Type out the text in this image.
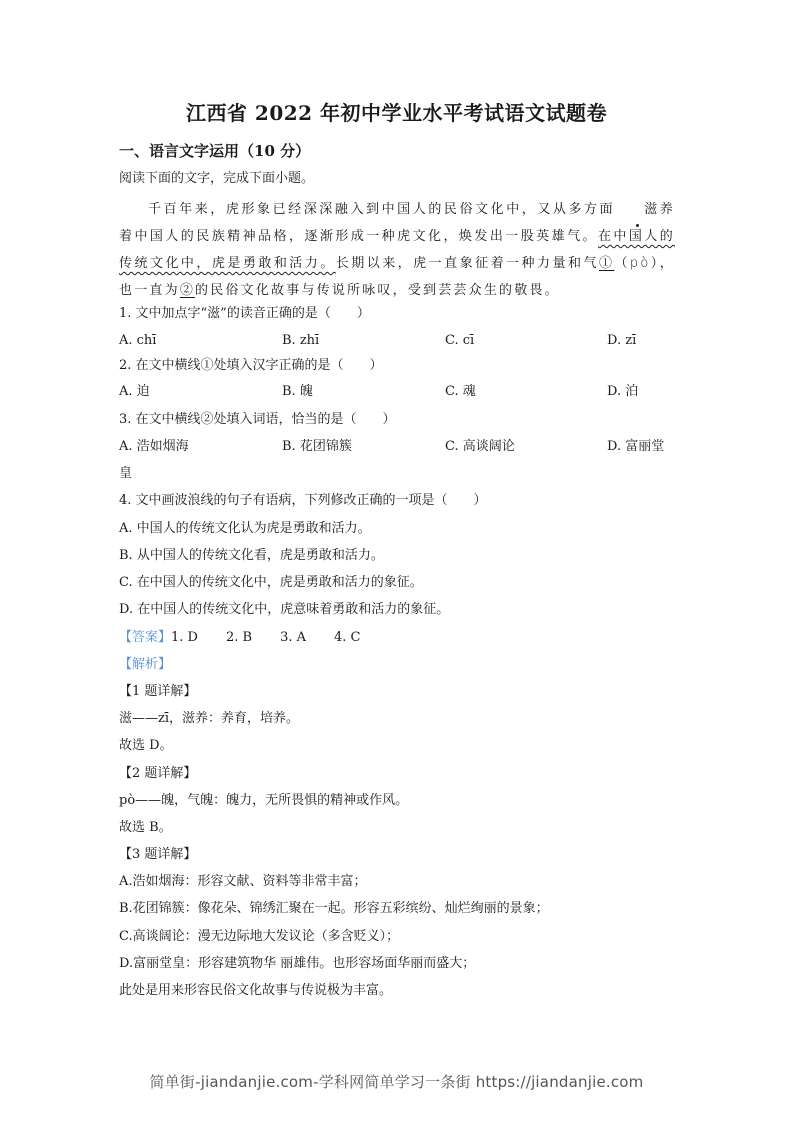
江西省 2022 年初中学业水平考试语文试题卷
一、语言文字运用（10 分）
阅读下面的文字，完成下面小题。
千百年来，虎形象已经深深融入到中国人的民俗文化中，又从多方面 滋养着中国人的民族精神品格，逐渐形成一种虎文化，焕发出一股英雄气。在中国人的传统文化中，虎是勇敢和活力。长期以来，虎一直象征着一种力量和气①（pò），也一直为②的民俗文化故事与传说所咏叹，受到芸芸众生的敬畏。
1. 文中加点字“滋”的读音正确的是（　　）
A. chī	B. zhī	C. cī	D. zī
2. 在文中横线①处填入汉字正确的是（　　）
A. 迫	B. 魄	C. 魂	D. 泊
3. 在文中横线②处填入词语，恰当的是（　　）
A. 浩如烟海	B. 花团锦簇	C. 高谈阔论	D. 富丽堂
皇
4. 文中画波浪线的句子有语病，下列修改正确的一项是（　　）
A. 中国人的传统文化认为虎是勇敢和活力。
B. 从中国人的传统文化看，虎是勇敢和活力。
C. 在中国人的传统文化中，虎是勇敢和活力的象征。
D. 在中国人的传统文化中，虎意味着勇敢和活力的象征。
【答案】1. D 2. B 3. A 4. C
【解析】
【1 题详解】
滋——zī，滋养：养育，培养。
故选 D。
【2 题详解】
pò——魄，气魄：魄力，无所畏惧的精神或作风。
故选 B。
【3 题详解】
A.浩如烟海：形容文献、资料等非常丰富；
B.花团锦簇：像花朵、锦绣汇聚在一起。形容五彩缤纷、灿烂绚丽的景象；
C.高谈阔论：漫无边际地大发议论（多含贬义）；
D.富丽堂皇：形容建筑物华 丽雄伟。也形容场面华丽而盛大；
此处是用来形容民俗文化故事与传说极为丰富。
简单街-jiandanjie.com-学科网简单学习一条街 https://jiandanjie.com
